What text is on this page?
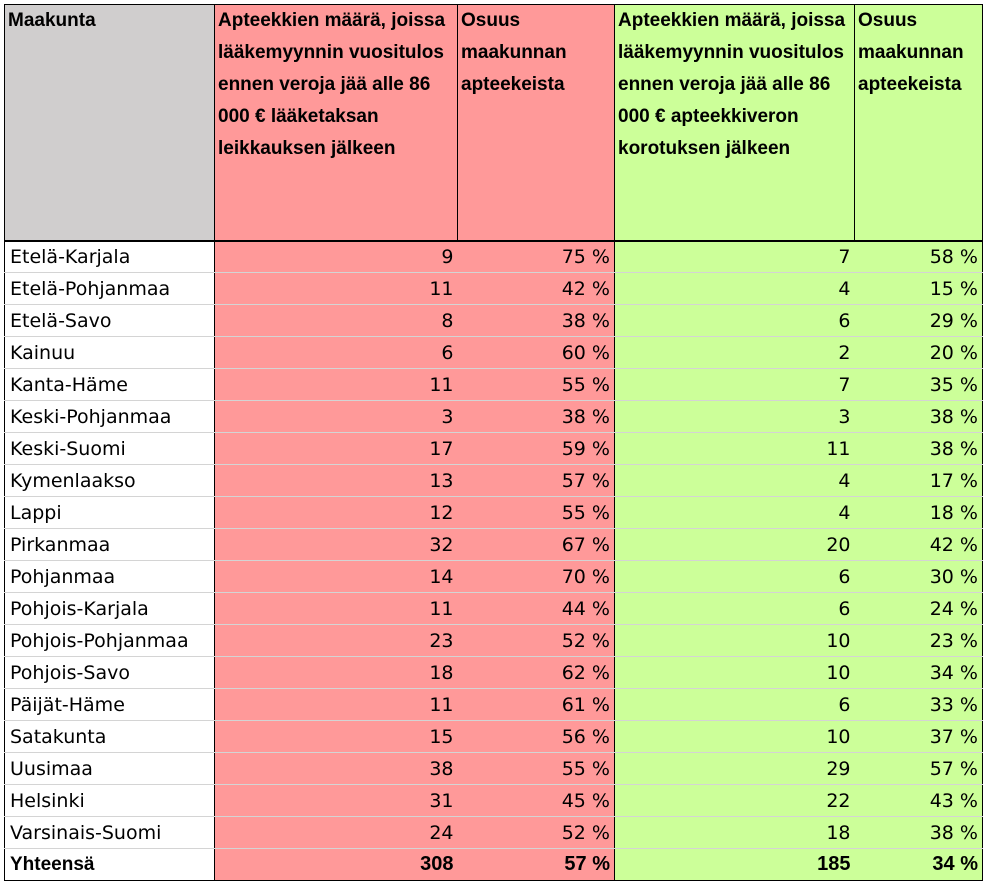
Maakunta	Apteekkien määrä, joissa lääkemyynnin vuositulos ennen veroja jää alle 86 000 € lääketaksan leikkauksen jälkeen	Osuus maakunnan apteekeista	Apteekkien määrä, joissa lääkemyynnin vuositulos ennen veroja jää alle 86 000 € apteekkiveron korotuksen jälkeen	Osuus maakunnan apteekeista
Etelä-Karjala	9	75 %	7	58 %
Etelä-Pohjanmaa	11	42 %	4	15 %
Etelä-Savo	8	38 %	6	29 %
Kainuu	6	60 %	2	20 %
Kanta-Häme	11	55 %	7	35 %
Keski-Pohjanmaa	3	38 %	3	38 %
Keski-Suomi	17	59 %	11	38 %
Kymenlaakso	13	57 %	4	17 %
Lappi	12	55 %	4	18 %
Pirkanmaa	32	67 %	20	42 %
Pohjanmaa	14	70 %	6	30 %
Pohjois-Karjala	11	44 %	6	24 %
Pohjois-Pohjanmaa	23	52 %	10	23 %
Pohjois-Savo	18	62 %	10	34 %
Päijät-Häme	11	61 %	6	33 %
Satakunta	15	56 %	10	37 %
Uusimaa	38	55 %	29	57 %
Helsinki	31	45 %	22	43 %
Varsinais-Suomi	24	52 %	18	38 %
Yhteensä	308	57 %	185	34 %
